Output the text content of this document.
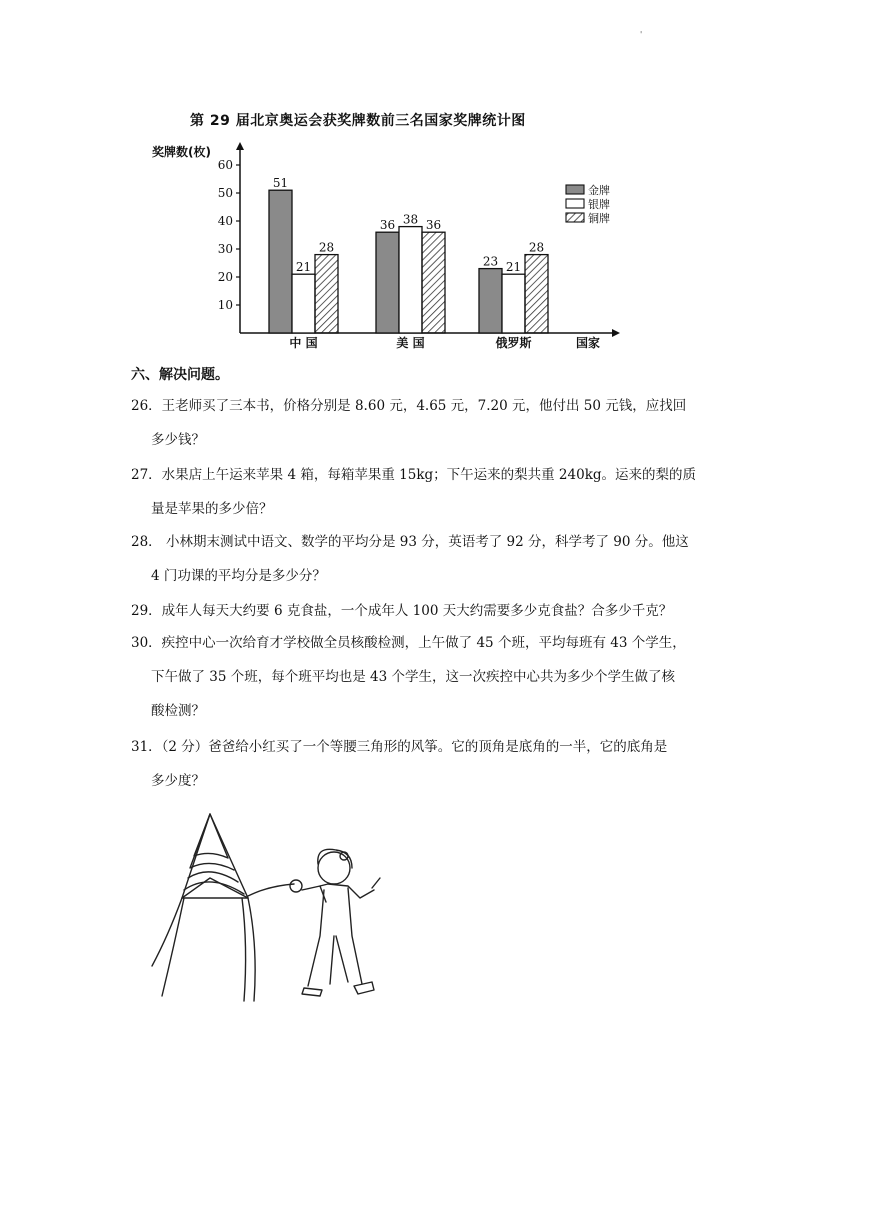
'
第 29 届北京奥运会获奖牌数前三名国家奖牌统计图
奖牌数(枚)
10
20
30
40
50
60
51
21
28
36 38 36
23 21
28
中 国	美 国	俄罗斯	国家
金牌
银牌
铜牌
六、解决问题。
26．王老师买了三本书，价格分别是 8.60 元，4.65 元，7.20 元，他付出 50 元钱，应找回
多少钱？
27．水果店上午运来苹果 4 箱，每箱苹果重 15kg；下午运来的梨共重 240kg。运来的梨的质
量是苹果的多少倍？
28． 小林期末测试中语文、数学的平均分是 93 分，英语考了 92 分，科学考了 90 分。他这
4 门功课的平均分是多少分？
29．成年人每天大约要 6 克食盐，一个成年人 100 天大约需要多少克食盐？合多少千克？
30．疾控中心一次给育才学校做全员核酸检测，上午做了 45 个班，平均每班有 43 个学生，
下午做了 35 个班，每个班平均也是 43 个学生，这一次疾控中心共为多少个学生做了核
酸检测？
31．（2 分）爸爸给小红买了一个等腰三角形的风筝。它的顶角是底角的一半，它的底角是
多少度？
